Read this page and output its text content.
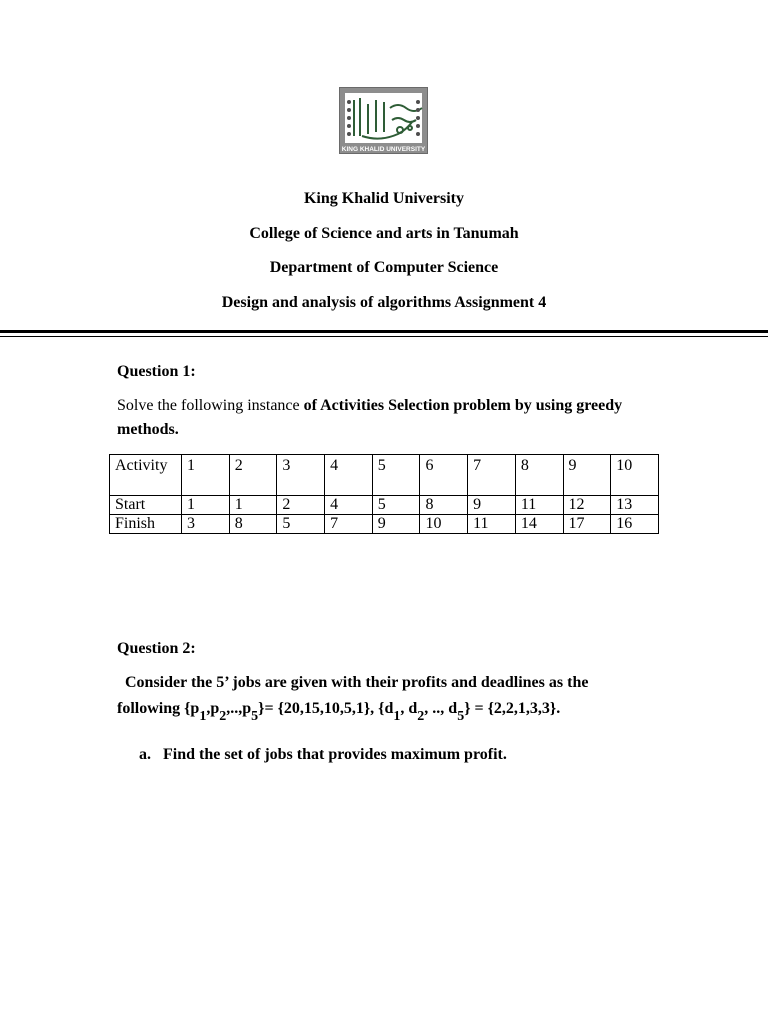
KING KHALID UNIVERSITY
King Khalid University
College of Science and arts in Tanumah
Department of Computer Science
Design and analysis of algorithms Assignment 4
Question 1:
Solve the following instance of Activities Selection problem by using greedy methods.
Activity	1	2	3	4	5	6	7	8	9	10
Start	1	1	2	4	5	8	9	11	12	13
Finish	3	8	5	7	9	10	11	14	17	16
Question 2:
Consider the 5’ jobs are given with their profits and deadlines as the
following {p1,p2,..,p5}= {20,15,10,5,1}, {d1, d2, .., d5} = {2,2,1,3,3}.
a.   Find the set of jobs that provides maximum profit.
